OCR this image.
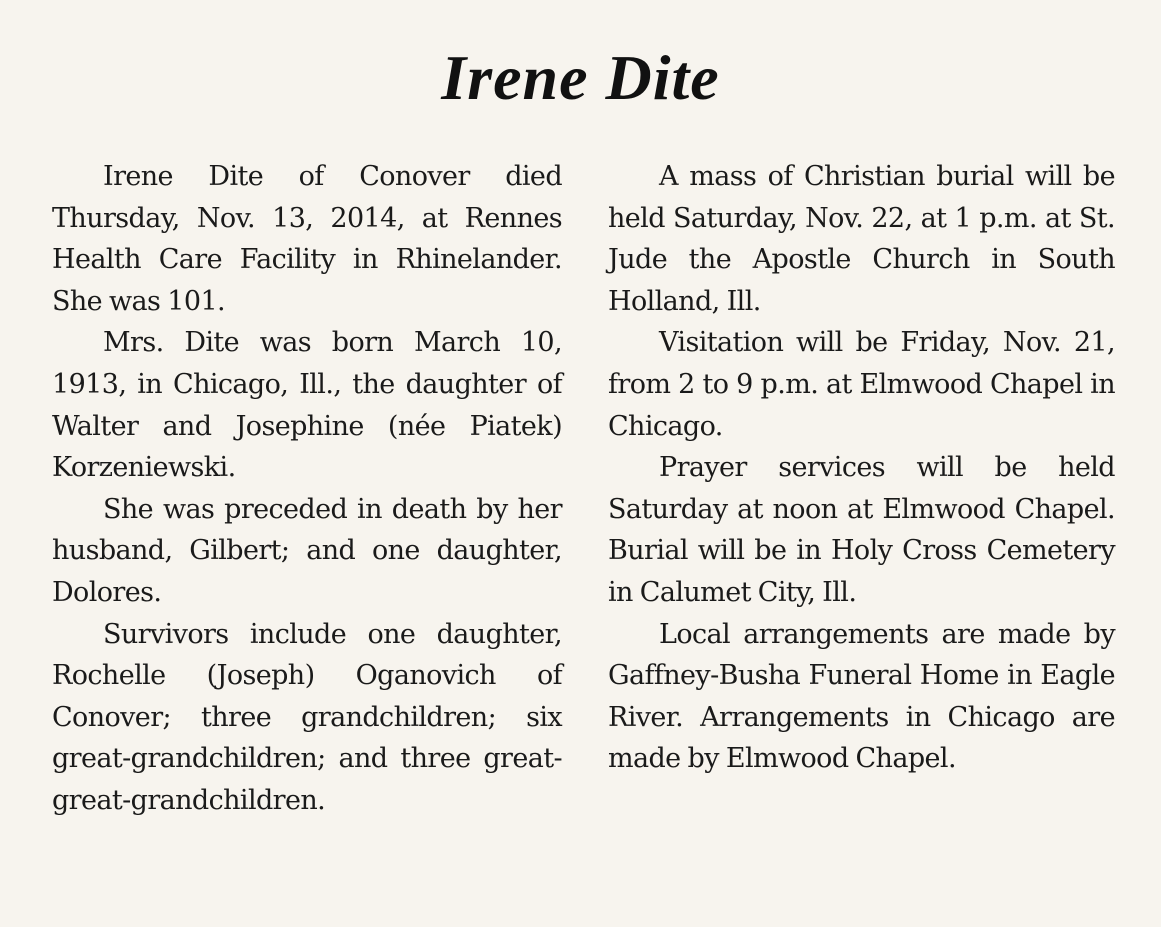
Irene Dite

Irene Dite of Conover died Thursday, Nov. 13, 2014, at Rennes Health Care Facility in Rhinelander. She was 101.

Mrs. Dite was born March 10, 1913, in Chicago, Ill., the daughter of Walter and Josephine (née Piatek) Korzeniewski.

She was preceded in death by her husband, Gilbert; and one daughter, Dolores.

Survivors include one daughter, Rochelle (Joseph) Oganovich of Conover; three grandchildren; six great-grandchildren; and three great-great-grandchildren.

A mass of Christian burial will be held Saturday, Nov. 22, at 1 p.m. at St. Jude the Apostle Church in South Holland, Ill.

Visitation will be Friday, Nov. 21, from 2 to 9 p.m. at Elmwood Chapel in Chicago.

Prayer services will be held Saturday at noon at Elmwood Chapel. Burial will be in Holy Cross Cemetery in Calumet City, Ill.

Local arrangements are made by Gaffney-Busha Funeral Home in Eagle River. Arrangements in Chicago are made by Elmwood Chapel.
